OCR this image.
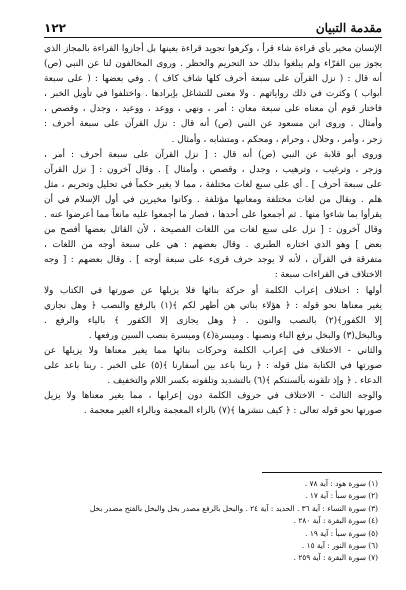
مقدمة التبيان
١٢٢
الإنسان مخير بأي قراءة شاء قرأ ، وكرهوا تجويد قراءة بعينها بل أجازوا القراءة بالمجاز الذي
يجوز بين القرّاء ولم يبلغوا بذلك حد التحريم والحظر . وروى المخالفون لنا عن النبي (ص)
أنه قال : ( نزل القرآن على سبعة أحرف كلها شاف كاف ) . وفي بعضها : ( على سبعة
أبواب ) وكثرت في ذلك رواياتهم . ولا معنى للتشاغل بإيرادها . واختلفوا في تأويل الخبر ،
فاختار قوم أن معناه على سبعة معان : أمر ، ونهي ، ووعد ، ووعيد ، وجدل ، وقصص ،
وأمثال . وروى ابن مسعود عن النبي (ص) أنه قال : نزل القرآن على سبعة أحرف :
زجر ، وأمر ، وحلال ، وحرام ، ومحكم ، ومتشابه ، وأمثال .
وروى أبو قلابة عن النبي (ص) أنه قال : [ نزل القرآن على سبعة أحرف : أمر ،
وزجر ، وترغيب ، وترهيب ، وجدل ، وقصص ، وأمثال ] . وقال آخرون : [ نزل القرآن
على سبعة أحرف ] . أي على سبع لغات مختلفة ، مما لا يغير حكماً في تحليل وتحريم ، مثل
هلم . ويقال من لغات مختلفة ومعانيها مؤتلفة . وكانوا مخيرين في أول الإسلام في أن
يقرأوا بما شاءوا منها . ثم أجمعوا على أحدها ، فصار ما أجمعوا عليه مانعاً مما أعرضوا عنه .
وقال آخرون : [ نزل على سبع لغات من اللغات الفصيحة ، لأن القائل بعضها أفصح من
بعض ] وهو الذي اختاره الطبري . وقال بعضهم : هي على سبعة أوجه من اللغات ،
متفرقة في القرآن ، لأنه لا يوجد حرف قرىء على سبعة أوجه ] . وقال بعضهم : [ وجه
الاختلاف في القراءات سبعة :
أولها : اختلاف إعراب الكلمة أو حركة بنائها فلا يزيلها عن صورتها في الكتاب ولا
يغير معناها نحو قوله : ﴿ هؤلاء بناتي هن أطهر لكم ﴾(١) بالرفع والنصب ﴿ وهل نجازي
إلا الكفور﴾(٢) بالنصب والنون . ﴿ وهل يجازى إلا الكفور ﴾ بالياء والرفع .
وبالبخل(٣) والبخل برفع الباء ونصبها . وميسرة(٤) وميسرة بنصب السين ورفعها .
والثاني - الاختلاف في إعراب الكلمة وحركات بنائها مما يغير معناها ولا يزيلها عن
صورتها في الكتابة مثل قوله : ﴿ ربنا باعد بين أسفارنا ﴾(٥) على الخبر . ربنا باعد على
الدعاء . ﴿ وإذ تلقونه بألسنتكم ﴾(٦) بالتشديد وتلقونه بكسر اللام والتخفيف .
والوجه الثالث - الاختلاف في حروف الكلمة دون إعرابها ، مما يغير معناها ولا يزيل
صورتها نحو قوله تعالى : ﴿ كيف ننشزها ﴾(٧) بالزاء المعجمة وبالراء الغير معجمة .
(١) سورة هود : آية ٧٨ .
(٢) سورة سبأ : آية ١٧ .
(٣) سورة النساء : آية ٣٦ . الحديد : آية ٢٤ . والبخل بالرفع مصدر بخل والبخل بالفتح مصدر بخل
(٤) سورة البقرة : آية ٢٨٠ .
(٥) سورة سبأ : آية ١٩ .
(٦) سورة النور : آية ١٥ .
(٧) سورة البقرة : آية ٢٥٩ .
